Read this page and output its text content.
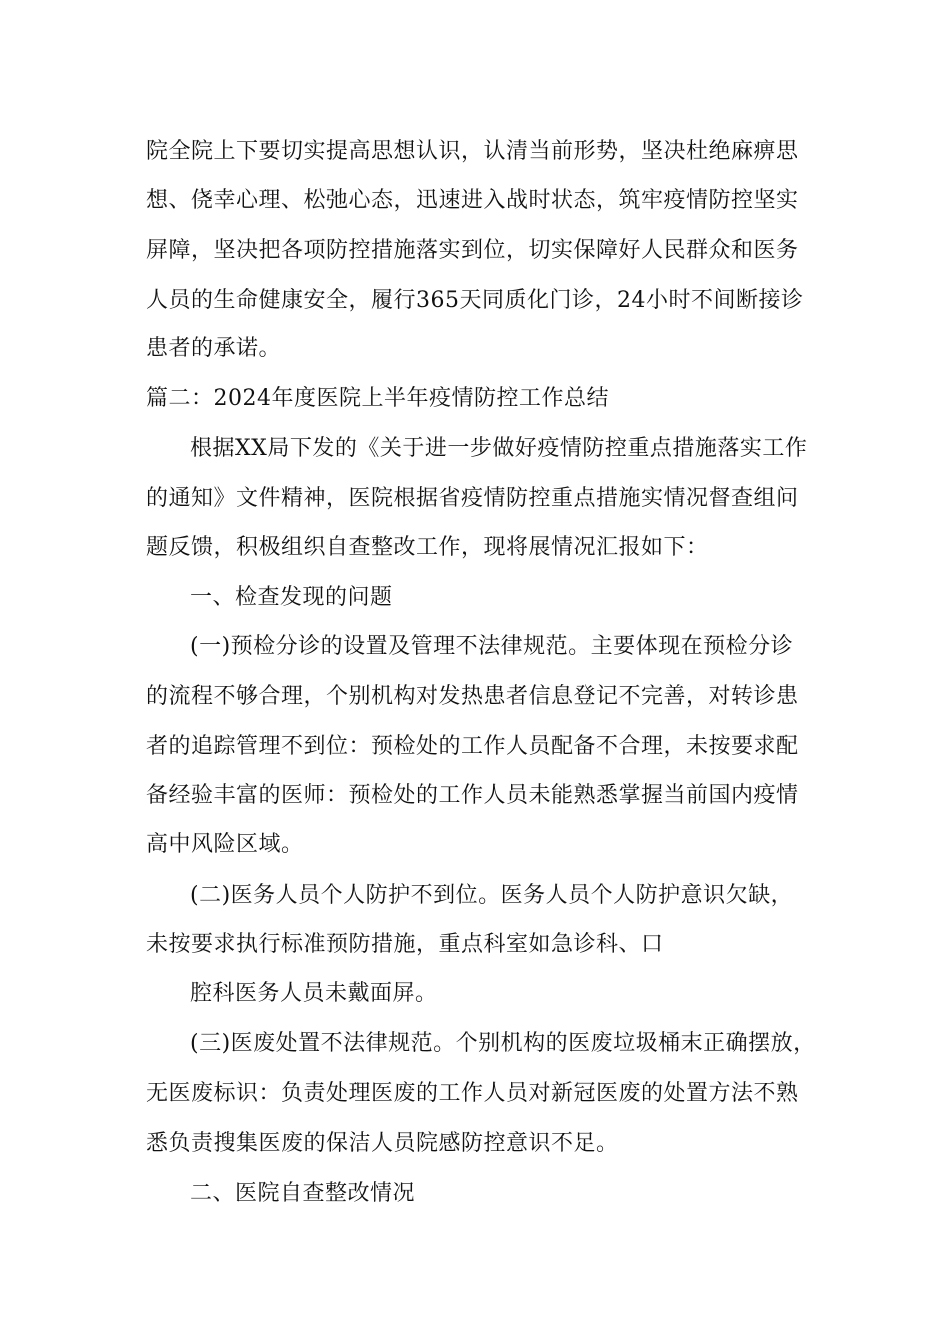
院全院上下要切实提高思想认识，认清当前形势，坚决杜绝麻痹思
想、侥幸心理、松弛心态，迅速进入战时状态，筑牢疫情防控坚实
屏障，坚决把各项防控措施落实到位，切实保障好人民群众和医务
人员的生命健康安全，履行365天同质化门诊，24小时不间断接诊
患者的承诺。
篇二：2024年度医院上半年疫情防控工作总结
根据XX局下发的《关于进一步做好疫情防控重点措施落实工作
的通知》文件精神，医院根据省疫情防控重点措施实情况督查组问
题反馈，积极组织自查整改工作，现将展情况汇报如下：
一、检查发现的问题
(一)预检分诊的设置及管理不法律规范。主要体现在预检分诊
的流程不够合理，个别机构对发热患者信息登记不完善，对转诊患
者的追踪管理不到位：预检处的工作人员配备不合理，未按要求配
备经验丰富的医师：预检处的工作人员未能熟悉掌握当前国内疫情
高中风险区域。
(二)医务人员个人防护不到位。医务人员个人防护意识欠缺，
未按要求执行标准预防措施，重点科室如急诊科、口
腔科医务人员未戴面屏。
(三)医废处置不法律规范。个别机构的医废垃圾桶末正确摆放，
无医废标识：负责处理医废的工作人员对新冠医废的处置方法不熟
悉负责搜集医废的保洁人员院感防控意识不足。
二、医院自查整改情况
